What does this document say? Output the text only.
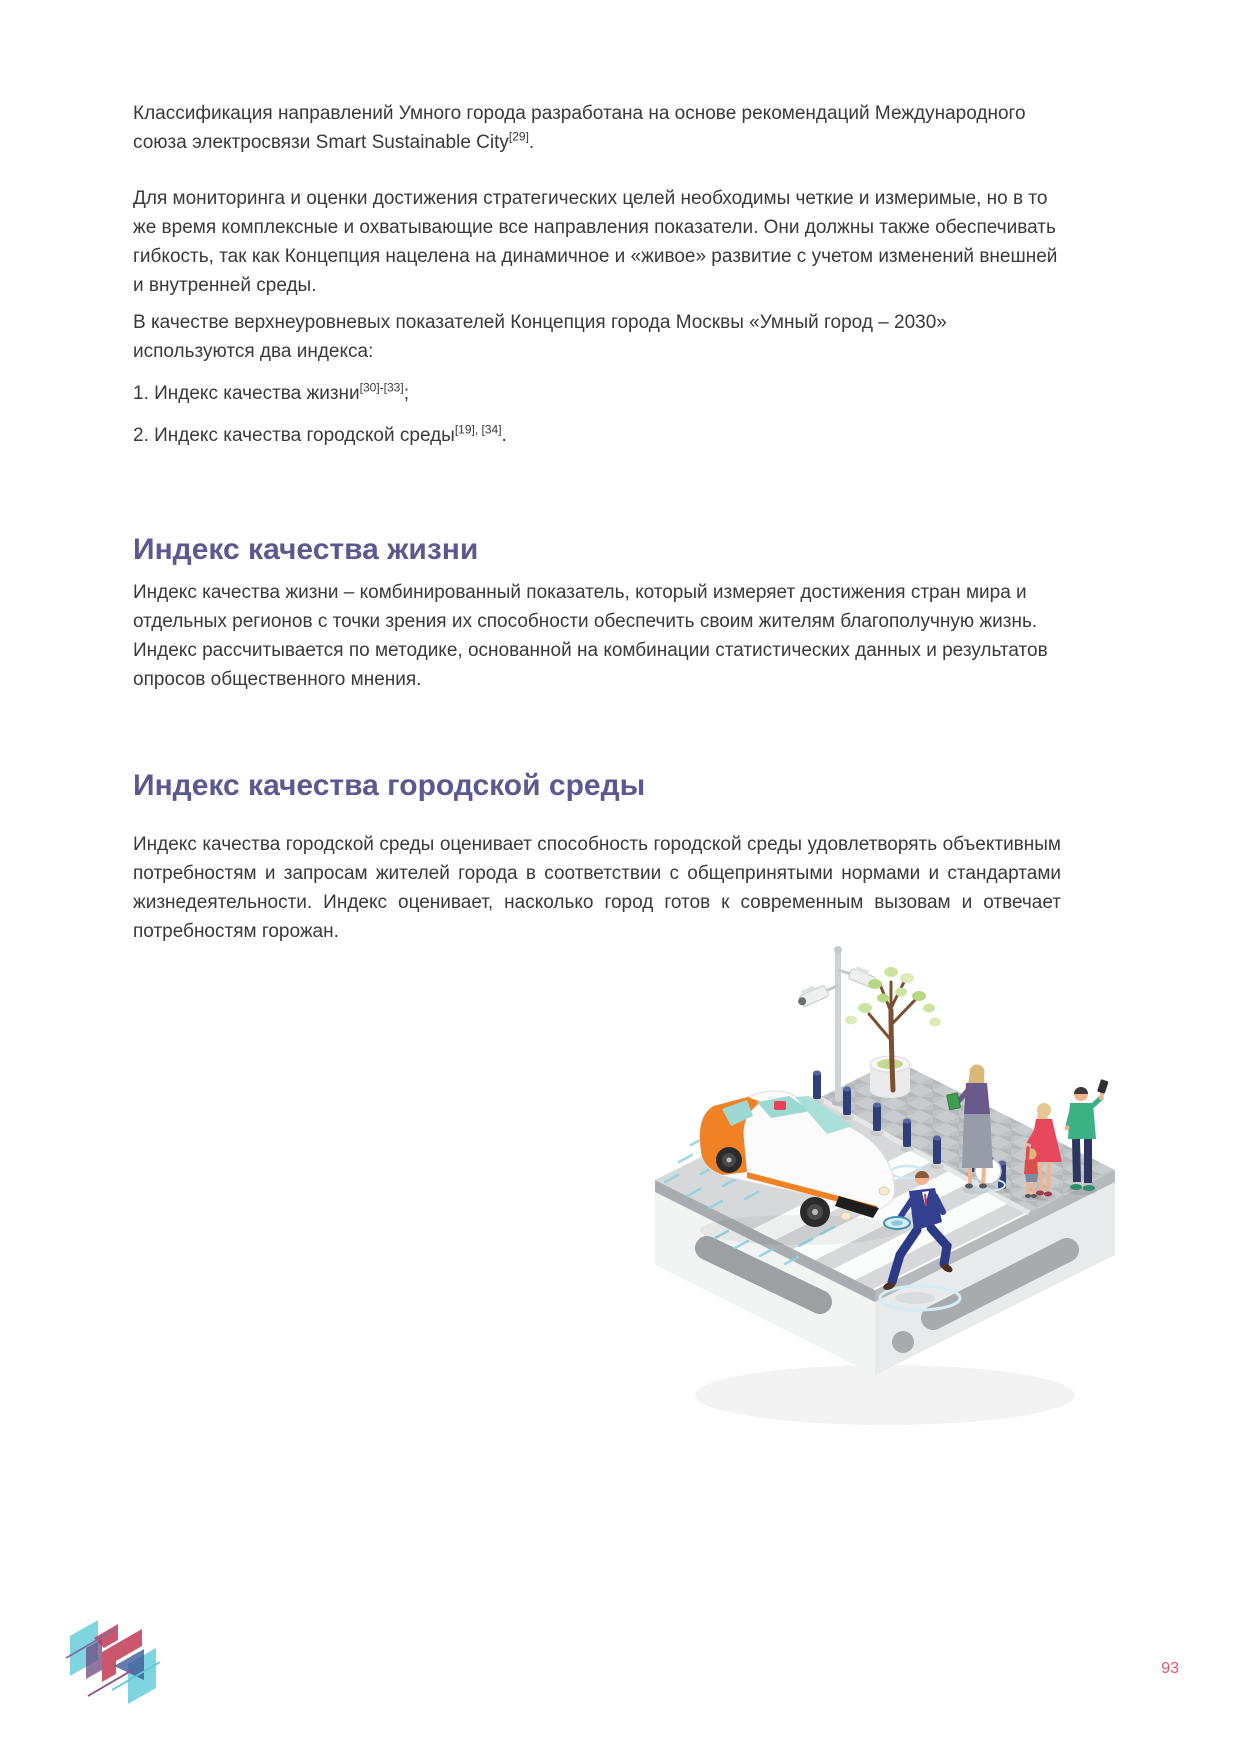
Классификация направлений Умного города разработана на основе рекомендаций Международного союза электросвязи Smart Sustainable City[29].

Для мониторинга и оценки достижения стратегических целей необходимы четкие и измеримые, но в то же время комплексные и охватывающие все направления показатели. Они должны также обеспечивать гибкость, так как Концепция нацелена на динамичное и «живое» развитие с учетом изменений внешней и внутренней среды.

В качестве верхнеуровневых показателей Концепция города Москвы «Умный город – 2030» используются два индекса:

1. Индекс качества жизни[30]-[33];

2. Индекс качества городской среды[19], [34].

Индекс качества жизни

Индекс качества жизни – комбинированный показатель, который измеряет достижения стран мира и отдельных регионов с точки зрения их способности обеспечить своим жителям благополучную жизнь. Индекс рассчитывается по методике, основанной на комбинации статистических данных и результатов опросов общественного мнения.

Индекс качества городской среды

Индекс качества городской среды оценивает способность городской среды удовлетворять объективным потребностям и запросам жителей города в соответствии с общепринятыми нормами и стандартами жизнедеятельности. Индекс оценивает, насколько город готов к современным вызовам и отвечает потребностям горожан.

93
